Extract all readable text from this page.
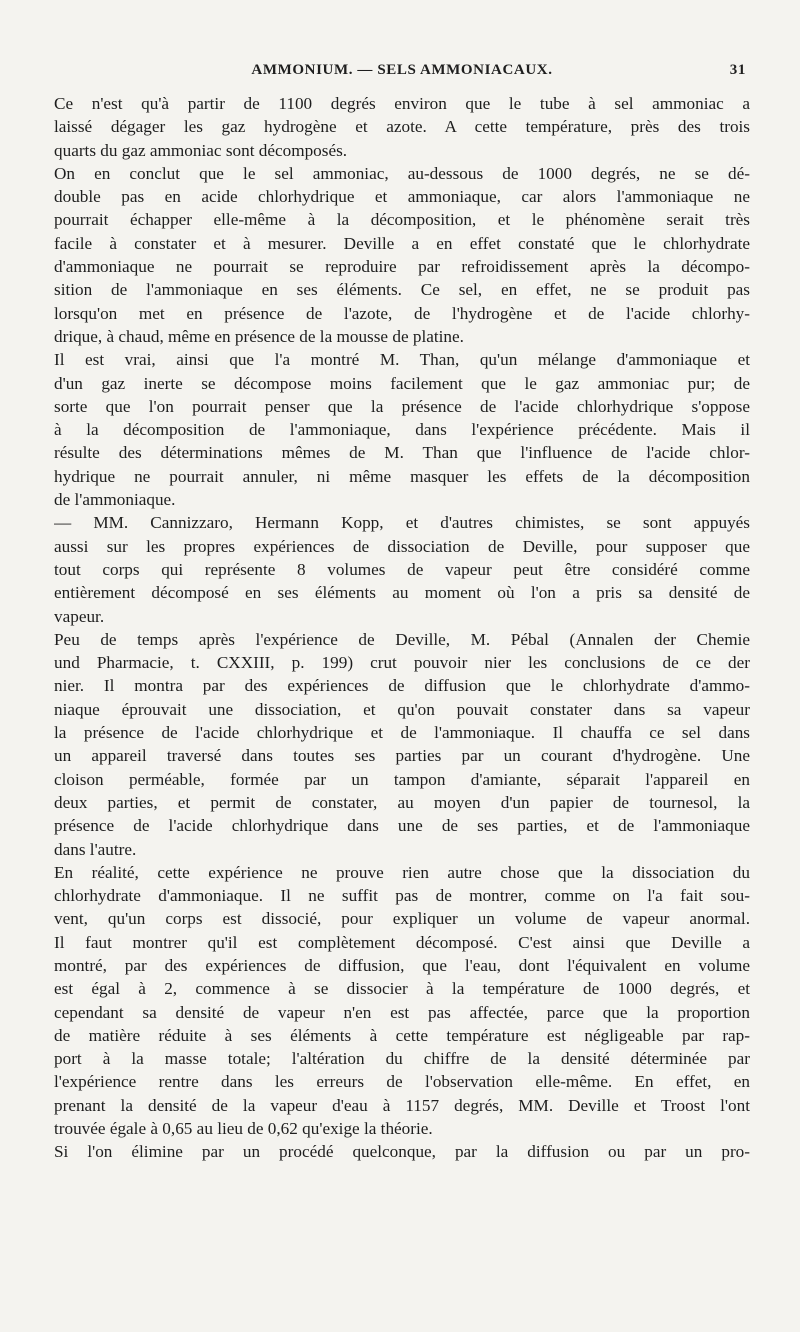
AMMONIUM. — SELS AMMONIACAUX.	31

Ce n'est qu'à partir de 1100 degrés environ que le tube à sel ammoniac a
laissé dégager les gaz hydrogène et azote. A cette température, près des trois
quarts du gaz ammoniac sont décomposés.

On en conclut que le sel ammoniac, au-dessous de 1000 degrés, ne se dé-
double pas en acide chlorhydrique et ammoniaque, car alors l'ammoniaque ne
pourrait échapper elle-même à la décomposition, et le phénomène serait très
facile à constater et à mesurer. Deville a en effet constaté que le chlorhydrate
d'ammoniaque ne pourrait se reproduire par refroidissement après la décompo-
sition de l'ammoniaque en ses éléments. Ce sel, en effet, ne se produit pas
lorsqu'on met en présence de l'azote, de l'hydrogène et de l'acide chlorhy-
drique, à chaud, même en présence de la mousse de platine.

Il est vrai, ainsi que l'a montré M. Than, qu'un mélange d'ammoniaque et
d'un gaz inerte se décompose moins facilement que le gaz ammoniac pur; de
sorte que l'on pourrait penser que la présence de l'acide chlorhydrique s'oppose
à la décomposition de l'ammoniaque, dans l'expérience précédente. Mais il
résulte des déterminations mêmes de M. Than que l'influence de l'acide chlor-
hydrique ne pourrait annuler, ni même masquer les effets de la décomposition
de l'ammoniaque.

— MM. Cannizzaro, Hermann Kopp, et d'autres chimistes, se sont appuyés
aussi sur les propres expériences de dissociation de Deville, pour supposer que
tout corps qui représente 8 volumes de vapeur peut être considéré comme
entièrement décomposé en ses éléments au moment où l'on a pris sa densité de
vapeur.

Peu de temps après l'expérience de Deville, M. Pébal (Annalen der Chemie
und Pharmacie, t. CXXIII, p. 199) crut pouvoir nier les conclusions de ce der
nier. Il montra par des expériences de diffusion que le chlorhydrate d'ammo-
niaque éprouvait une dissociation, et qu'on pouvait constater dans sa vapeur
la présence de l'acide chlorhydrique et de l'ammoniaque. Il chauffa ce sel dans
un appareil traversé dans toutes ses parties par un courant d'hydrogène. Une
cloison perméable, formée par un tampon d'amiante, séparait l'appareil en
deux parties, et permit de constater, au moyen d'un papier de tournesol, la
présence de l'acide chlorhydrique dans une de ses parties, et de l'ammoniaque
dans l'autre.

En réalité, cette expérience ne prouve rien autre chose que la dissociation du
chlorhydrate d'ammoniaque. Il ne suffit pas de montrer, comme on l'a fait sou-
vent, qu'un corps est dissocié, pour expliquer un volume de vapeur anormal.
Il faut montrer qu'il est complètement décomposé. C'est ainsi que Deville a
montré, par des expériences de diffusion, que l'eau, dont l'équivalent en volume
est égal à 2, commence à se dissocier à la température de 1000 degrés, et
cependant sa densité de vapeur n'en est pas affectée, parce que la proportion
de matière réduite à ses éléments à cette température est négligeable par rap-
port à la masse totale; l'altération du chiffre de la densité déterminée par
l'expérience rentre dans les erreurs de l'observation elle-même. En effet, en
prenant la densité de la vapeur d'eau à 1157 degrés, MM. Deville et Troost l'ont
trouvée égale à 0,65 au lieu de 0,62 qu'exige la théorie.

Si l'on élimine par un procédé quelconque, par la diffusion ou par un pro-
